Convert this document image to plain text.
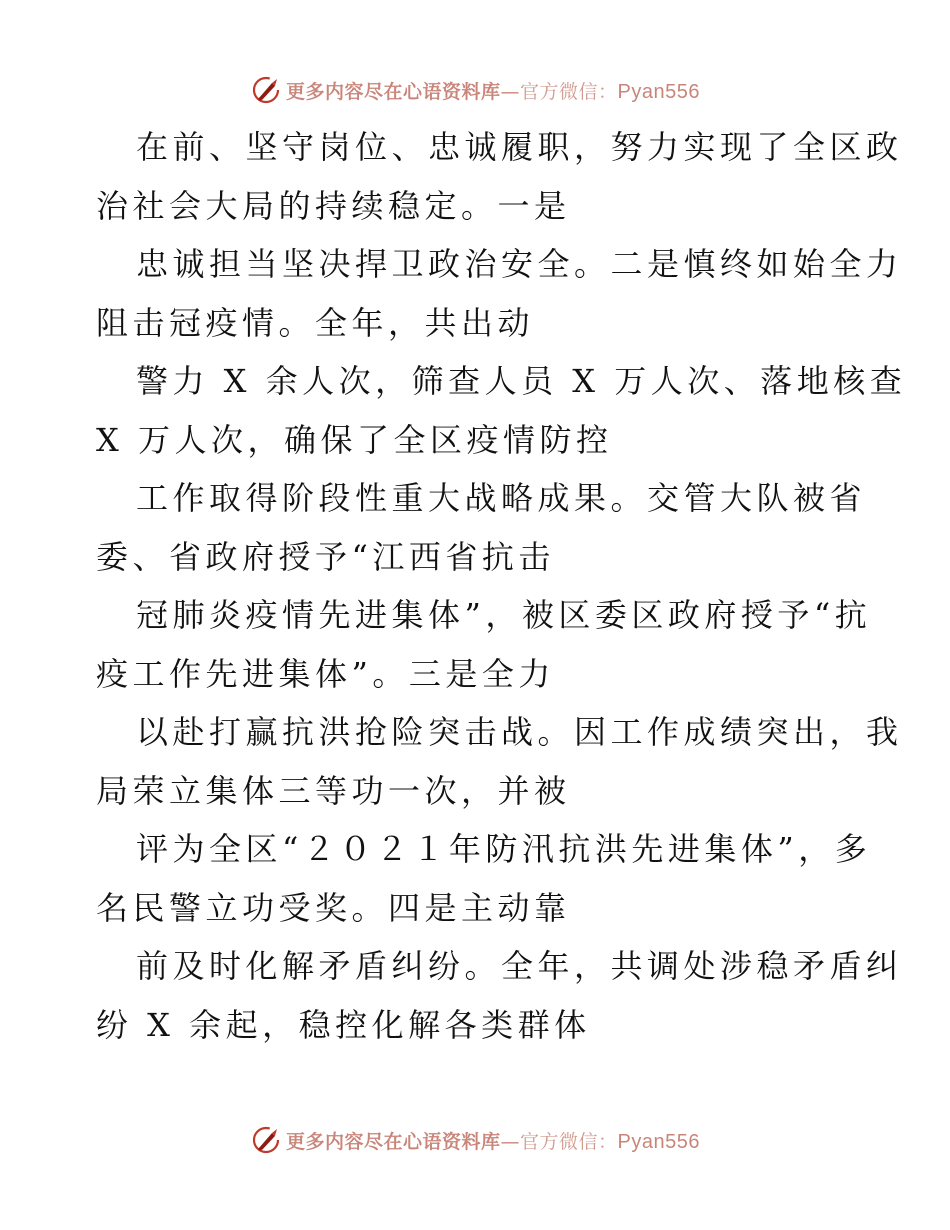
更多内容尽在心语资料库—官方微信：Pyan556
在前、坚守岗位、忠诚履职，努力实现了全区政
治社会大局的持续稳定。一是
忠诚担当坚决捍卫政治安全。二是慎终如始全力
阻击冠疫情。全年，共出动
警力 X 余人次，筛查人员 X 万人次、落地核查
X 万人次，确保了全区疫情防控
工作取得阶段性重大战略成果。交管大队被省
委、省政府授予“江西省抗击
冠肺炎疫情先进集体”，被区委区政府授予“抗
疫工作先进集体”。三是全力
以赴打赢抗洪抢险突击战。因工作成绩突出，我
局荣立集体三等功一次，并被
评为全区“２０２１年防汛抗洪先进集体”，多
名民警立功受奖。四是主动靠
前及时化解矛盾纠纷。全年，共调处涉稳矛盾纠
纷 X 余起，稳控化解各类群体
更多内容尽在心语资料库—官方微信：Pyan556
